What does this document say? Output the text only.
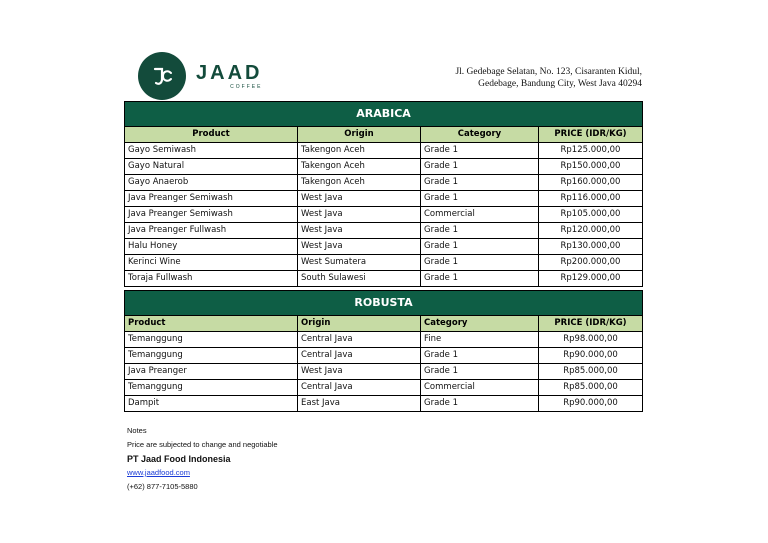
JAAD
COFFEE
Jl. Gedebage Selatan, No. 123, Cisaranten Kidul, Gedebage, Bandung City, West Java 40294
ARABICA			
Product	Origin	Category	PRICE (IDR/KG)
Gayo Semiwash	Takengon Aceh	Grade 1	Rp125.000,00
Gayo Natural	Takengon Aceh	Grade 1	Rp150.000,00
Gayo Anaerob	Takengon Aceh	Grade 1	Rp160.000,00
Java Preanger Semiwash	West Java	Grade 1	Rp116.000,00
Java Preanger Semiwash	West Java	Commercial	Rp105.000,00
Java Preanger Fullwash	West Java	Grade 1	Rp120.000,00
Halu Honey	West Java	Grade 1	Rp130.000,00
Kerinci Wine	West Sumatera	Grade 1	Rp200.000,00
Toraja Fullwash	South Sulawesi	Grade 1	Rp129.000,00
ROBUSTA			
Product	Origin	Category	PRICE (IDR/KG)
Temanggung	Central Java	Fine	Rp98.000,00
Temanggung	Central Java	Grade 1	Rp90.000,00
Java Preanger	West Java	Grade 1	Rp85.000,00
Temanggung	Central Java	Commercial	Rp85.000,00
Dampit	East Java	Grade 1	Rp90.000,00
Notes
Price are subjected to change and negotiable
PT Jaad Food Indonesia
www.jaadfood.com
(+62) 877-7105-5880
